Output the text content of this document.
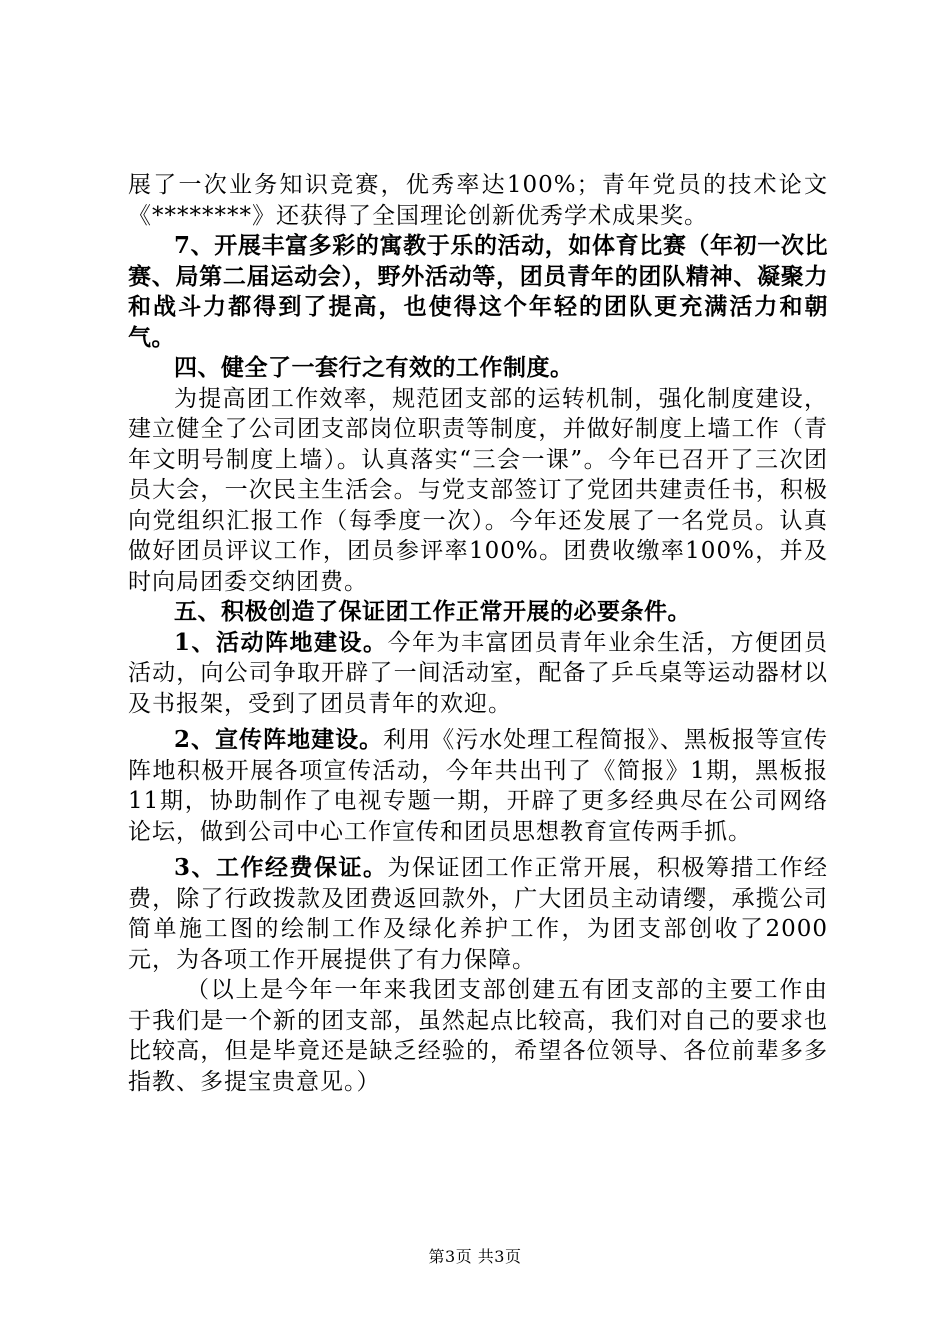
展了一次业务知识竞赛，优秀率达100%；青年党员的技术论文《********》还获得了全国理论创新优秀学术成果奖。

7、开展丰富多彩的寓教于乐的活动，如体育比赛（年初一次比赛、局第二届运动会），野外活动等，团员青年的团队精神、凝聚力和战斗力都得到了提高，也使得这个年轻的团队更充满活力和朝气。

四、健全了一套行之有效的工作制度。

为提高团工作效率，规范团支部的运转机制，强化制度建设，建立健全了公司团支部岗位职责等制度，并做好制度上墙工作（青年文明号制度上墙）。认真落实“三会一课”。今年已召开了三次团员大会，一次民主生活会。与党支部签订了党团共建责任书，积极向党组织汇报工作（每季度一次）。今年还发展了一名党员。认真做好团员评议工作，团员参评率100%。团费收缴率100%，并及时向局团委交纳团费。

五、积极创造了保证团工作正常开展的必要条件。

1、活动阵地建设。今年为丰富团员青年业余生活，方便团员活动，向公司争取开辟了一间活动室，配备了乒乓桌等运动器材以及书报架，受到了团员青年的欢迎。

2、宣传阵地建设。利用《污水处理工程简报》、黑板报等宣传阵地积极开展各项宣传活动，今年共出刊了《简报》1期，黑板报11期，协助制作了电视专题一期，开辟了更多经典尽在公司网络论坛，做到公司中心工作宣传和团员思想教育宣传两手抓。

3、工作经费保证。为保证团工作正常开展，积极筹措工作经费，除了行政拨款及团费返回款外，广大团员主动请缨，承揽公司简单施工图的绘制工作及绿化养护工作，为团支部创收了2000元，为各项工作开展提供了有力保障。

（以上是今年一年来我团支部创建五有团支部的主要工作由于我们是一个新的团支部，虽然起点比较高，我们对自己的要求也比较高，但是毕竟还是缺乏经验的，希望各位领导、各位前辈多多指教、多提宝贵意见。）

第3页 共3页
